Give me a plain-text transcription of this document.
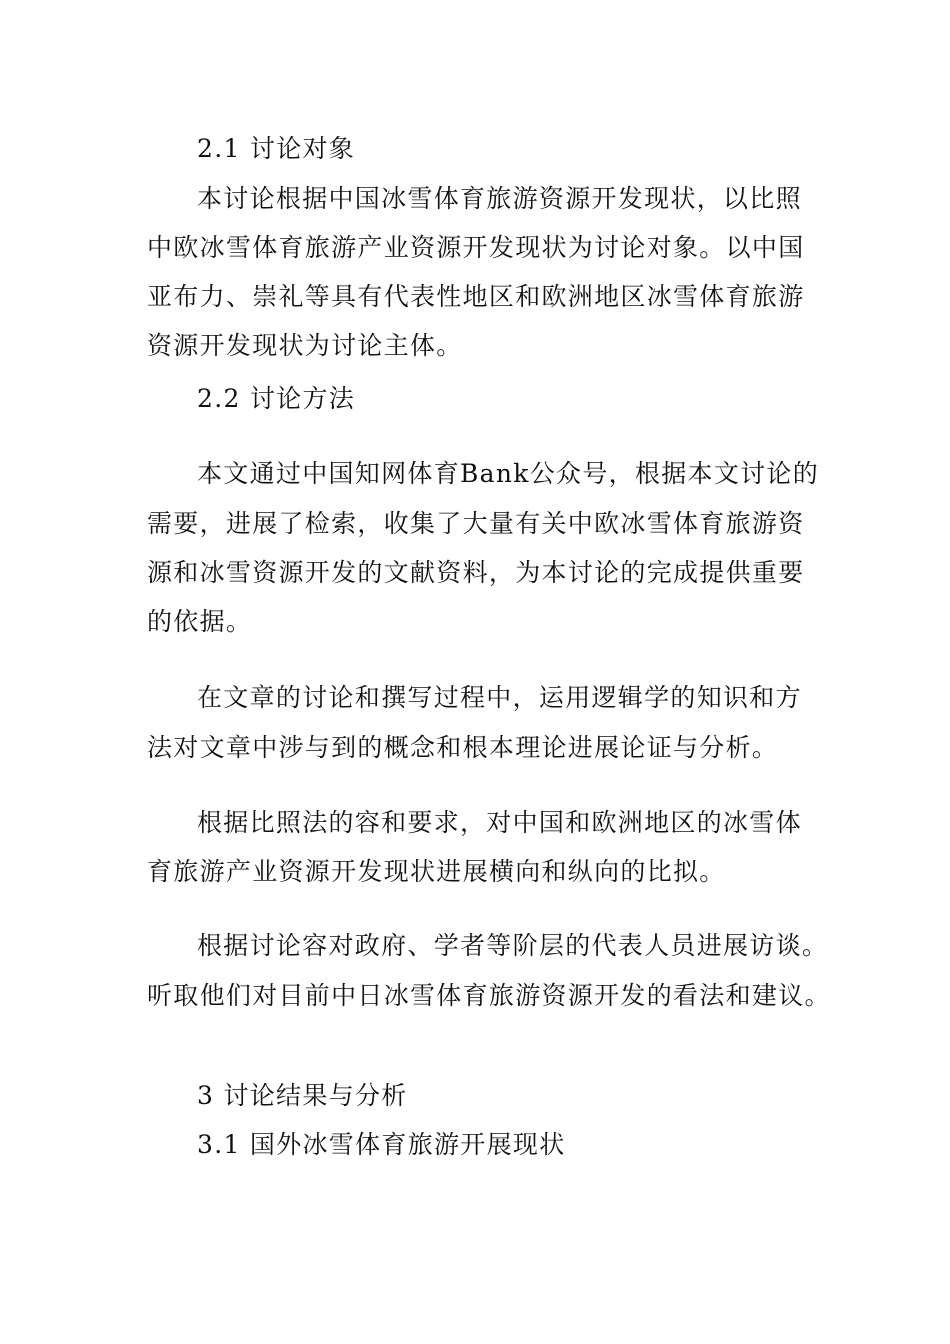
2.1 讨论对象
本讨论根据中国冰雪体育旅游资源开发现状，以比照
中欧冰雪体育旅游产业资源开发现状为讨论对象。以中国
亚布力、崇礼等具有代表性地区和欧洲地区冰雪体育旅游
资源开发现状为讨论主体。
2.2 讨论方法
本文通过中国知网体育Bank公众号，根据本文讨论的
需要，进展了检索，收集了大量有关中欧冰雪体育旅游资
源和冰雪资源开发的文献资料，为本讨论的完成提供重要
的依据。
在文章的讨论和撰写过程中，运用逻辑学的知识和方
法对文章中涉与到的概念和根本理论进展论证与分析。
根据比照法的容和要求，对中国和欧洲地区的冰雪体
育旅游产业资源开发现状进展横向和纵向的比拟。
根据讨论容对政府、学者等阶层的代表人员进展访谈。
听取他们对目前中日冰雪体育旅游资源开发的看法和建议。
3 讨论结果与分析
3.1 国外冰雪体育旅游开展现状
